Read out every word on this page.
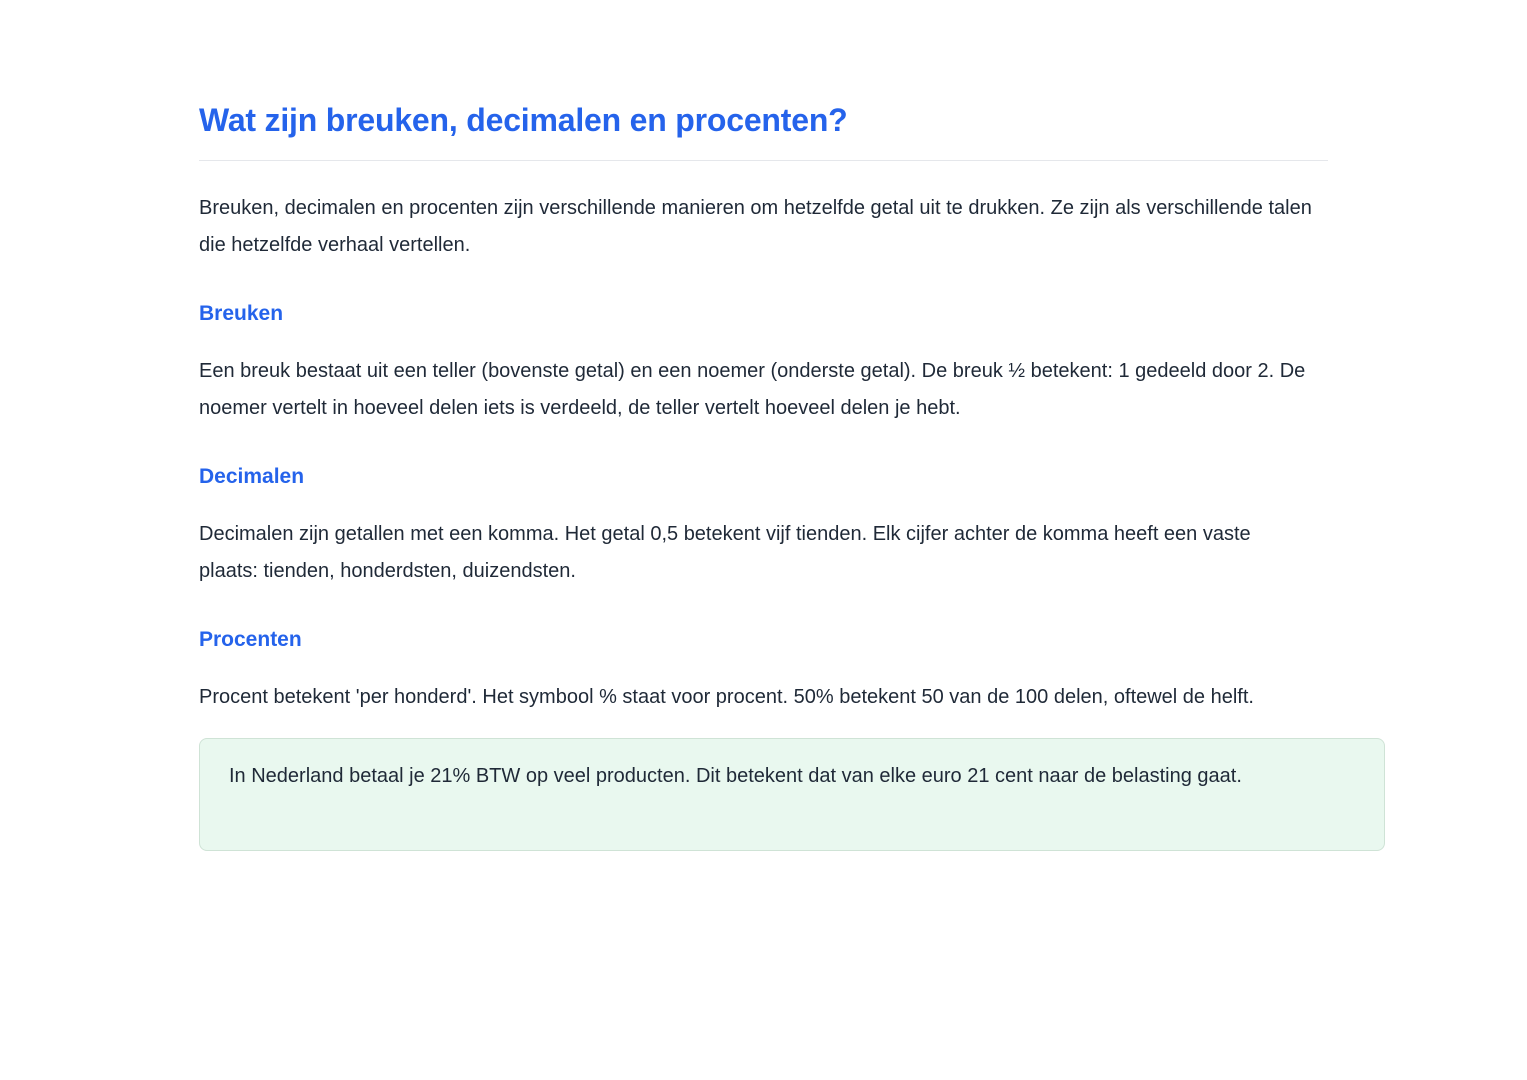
Wat zijn breuken, decimalen en procenten?

Breuken, decimalen en procenten zijn verschillende manieren om hetzelfde getal uit te drukken. Ze zijn als verschillende talen die hetzelfde verhaal vertellen.

Breuken

Een breuk bestaat uit een teller (bovenste getal) en een noemer (onderste getal). De breuk ½ betekent: 1 gedeeld door 2. De noemer vertelt in hoeveel delen iets is verdeeld, de teller vertelt hoeveel delen je hebt.

Decimalen

Decimalen zijn getallen met een komma. Het getal 0,5 betekent vijf tienden. Elk cijfer achter de komma heeft een vaste plaats: tienden, honderdsten, duizendsten.

Procenten

Procent betekent 'per honderd'. Het symbool % staat voor procent. 50% betekent 50 van de 100 delen, oftewel de helft.

In Nederland betaal je 21% BTW op veel producten. Dit betekent dat van elke euro 21 cent naar de belasting gaat.
